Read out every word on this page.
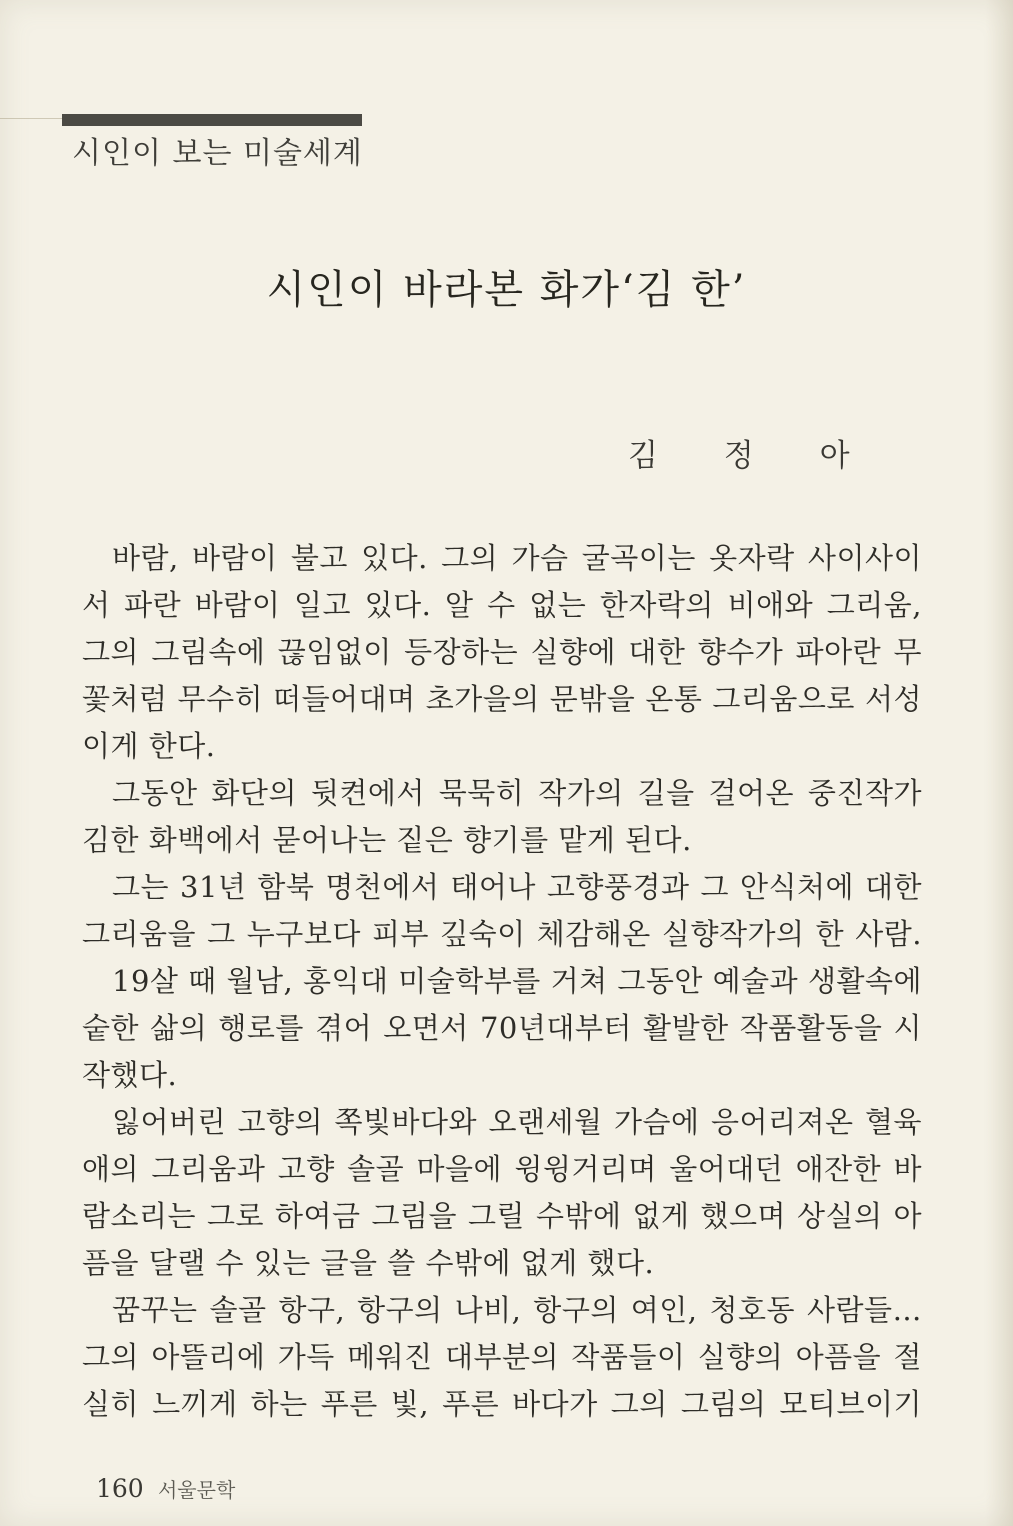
시인이 보는 미술세계
시인이 바라본 화가‘김 한’
김 정 아
바람, 바람이 불고 있다. 그의 가슴 굴곡이는 옷자락 사이사이
서 파란 바람이 일고 있다. 알 수 없는 한자락의 비애와 그리움,
그의 그림속에 끊임없이 등장하는 실향에 대한 향수가 파아란 무
꽃처럼 무수히 떠들어대며 초가을의 문밖을 온통 그리움으로 서성
이게 한다.
그동안 화단의 뒷켠에서 묵묵히 작가의 길을 걸어온 중진작가
김한 화백에서 묻어나는 짙은 향기를 맡게 된다.
그는 31년 함북 명천에서 태어나 고향풍경과 그 안식처에 대한
그리움을 그 누구보다 피부 깊숙이 체감해온 실향작가의 한 사람.
19살 때 월남, 홍익대 미술학부를 거쳐 그동안 예술과 생활속에
숱한 삶의 행로를 겪어 오면서 70년대부터 활발한 작품활동을 시
작했다.
잃어버린 고향의 쪽빛바다와 오랜세월 가슴에 응어리져온 혈육
애의 그리움과 고향 솔골 마을에 윙윙거리며 울어대던 애잔한 바
람소리는 그로 하여금 그림을 그릴 수밖에 없게 했으며 상실의 아
픔을 달랠 수 있는 글을 쓸 수밖에 없게 했다.
꿈꾸는 솔골 항구, 항구의 나비, 항구의 여인, 청호동 사람들…
그의 아뜰리에 가득 메워진 대부분의 작품들이 실향의 아픔을 절
실히 느끼게 하는 푸른 빛, 푸른 바다가 그의 그림의 모티브이기
160 서울문학
